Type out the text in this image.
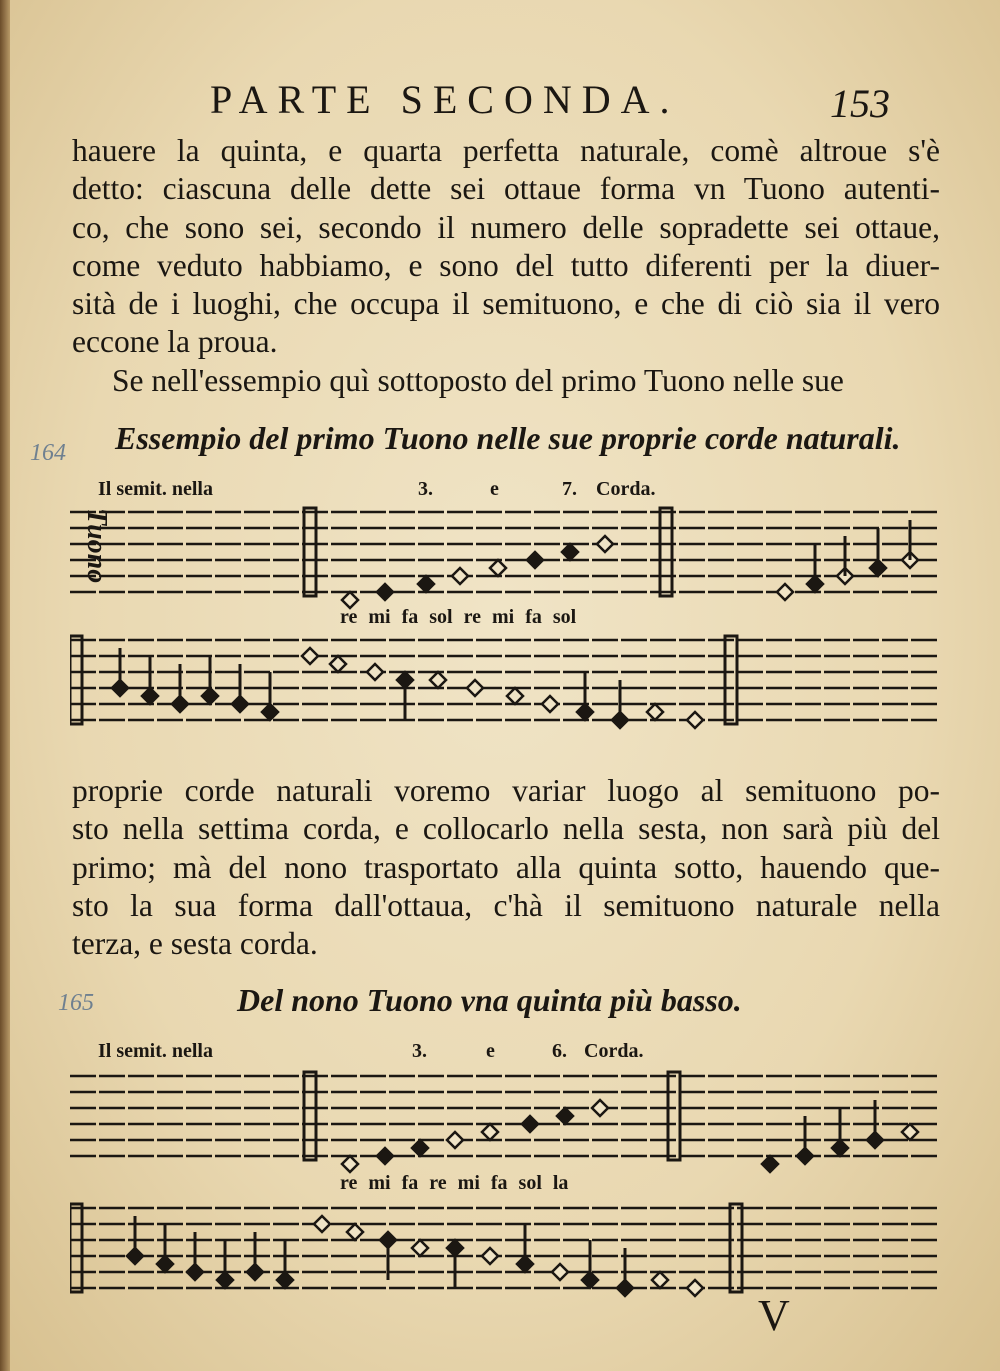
PARTE SECONDA.	153
hauere la quinta, e quarta perfetta naturale, comè altroue s'è
detto: ciascuna delle dette sei ottaue forma vn Tuono autenti-
co, che sono sei, secondo il numero delle sopradette sei ottaue,
come veduto habbiamo, e sono del tutto diferenti per la diuer-
sità de i luoghi, che occupa il semituono, e che di ciò sia il vero
eccone la proua.
Se nell'essempio quì sottoposto del primo Tuono nelle sue
164 Essempio del primo Tuono nelle sue proprie corde naturali.
Il semit. nella	3.	e	7. Corda.
Tuono
re mi fa sol re mi fa sol
proprie corde naturali voremo variar luogo al semituono po-
sto nella settima corda, e collocarlo nella sesta, non sarà più del
primo; mà del nono trasportato alla quinta sotto, hauendo que-
sto la sua forma dall'ottaua, c'hà il semituono naturale nella
terza, e sesta corda.
165	Del nono Tuono vna quinta più basso.
Il semit. nella	3.	e	6. Corda.
re mi fa re mi fa sol la
V
